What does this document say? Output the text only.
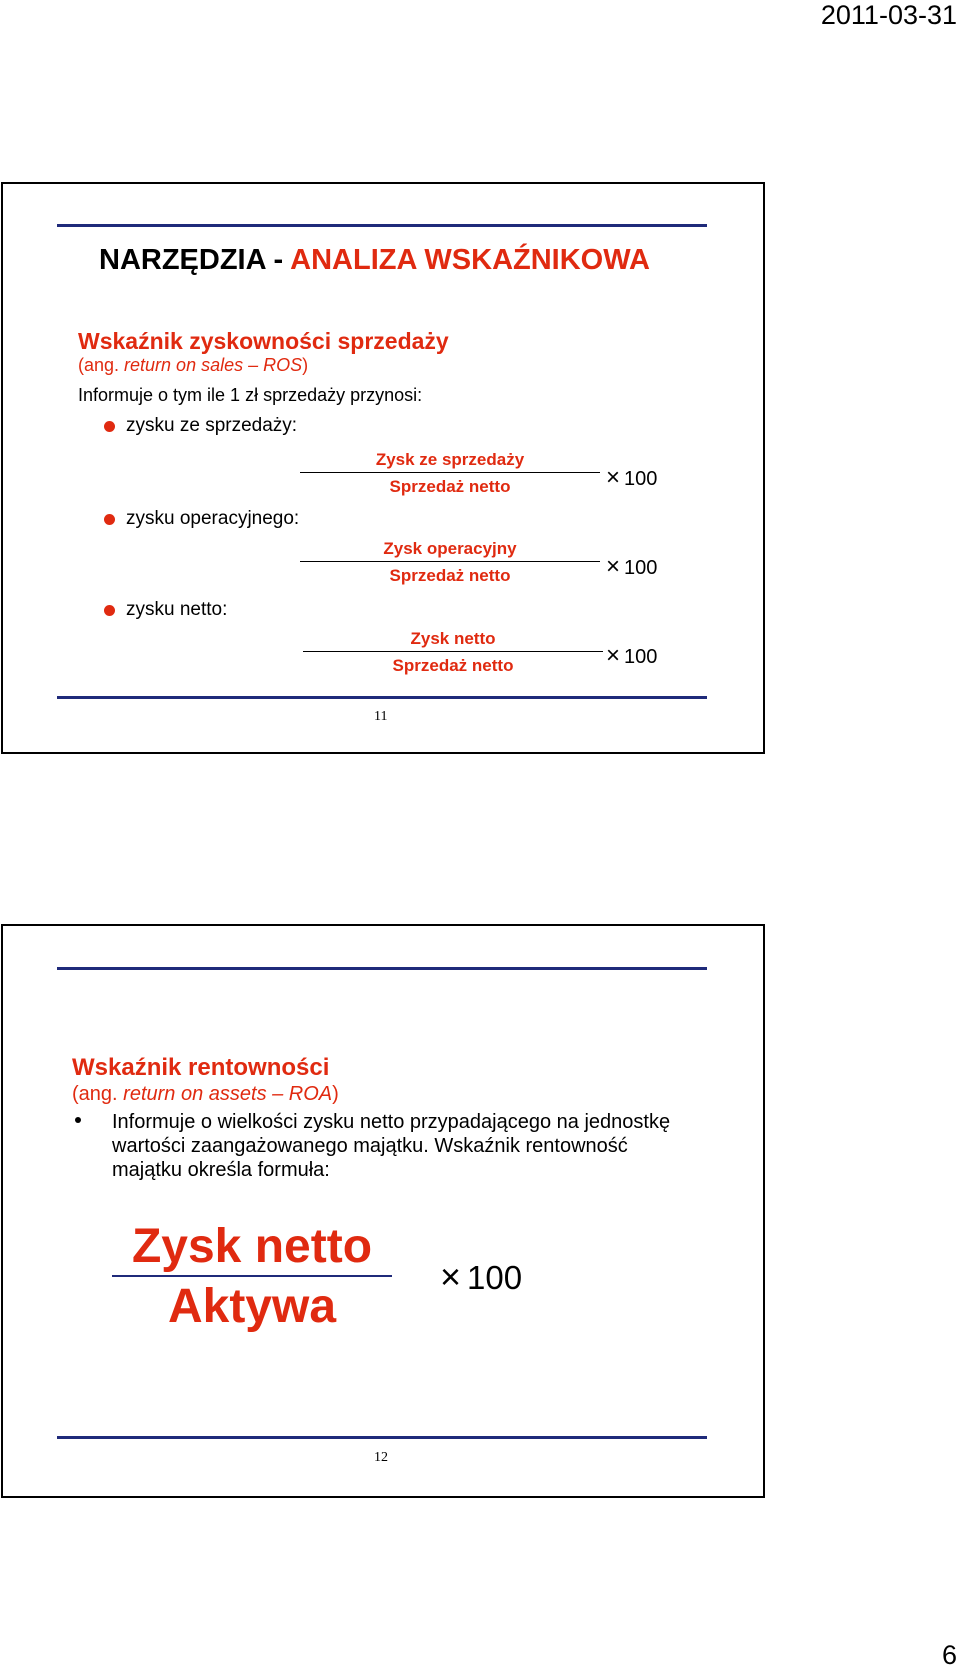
2011-03-31
NARZĘDZIA - ANALIZA WSKAŹNIKOWA
Wskaźnik zyskowności sprzedaży
(ang. return on sales – ROS)
Informuje o tym ile 1 zł sprzedaży przynosi:
zysku ze sprzedaży:
zysku operacyjnego:
zysku netto:
Zysk ze sprzedaży
Sprzedaż netto	× 100
Zysk operacyjny
Sprzedaż netto	× 100
Zysk netto
Sprzedaż netto	× 100
11
Wskaźnik rentowności
(ang. return on assets – ROA)
Informuje o wielkości zysku netto przypadającego na jednostkę
wartości zaangażowanego majątku. Wskaźnik rentowność
majątku określa formuła:
Zysk netto
Aktywa
× 100
12
6
